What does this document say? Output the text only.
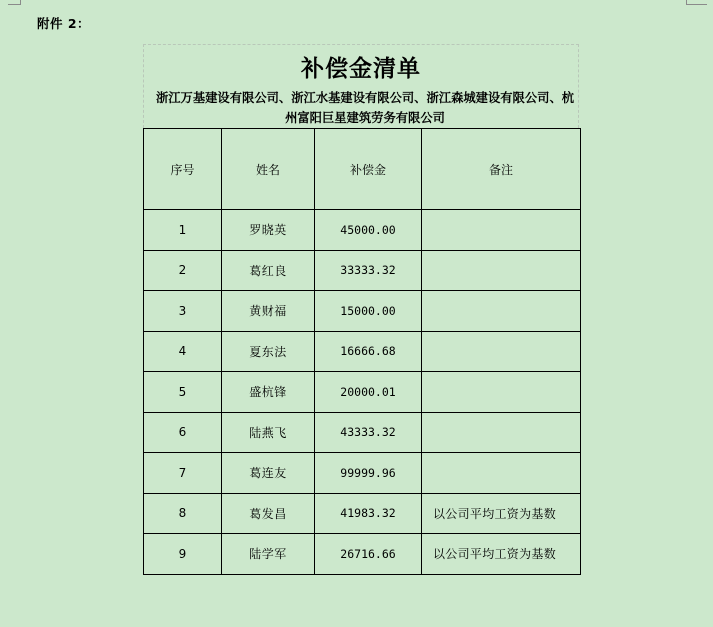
附件 2：
补偿金清单
浙江万基建设有限公司、浙江水基建设有限公司、浙江森城建设有限公司、杭州富阳巨星建筑劳务有限公司
序号	姓名	补偿金	备注
1	罗晓英	45000.00	
2	葛红良	33333.32	
3	黄财福	15000.00	
4	夏东法	16666.68	
5	盛杭锋	20000.01	
6	陆燕飞	43333.32	
7	葛连友	99999.96	
8	葛发昌	41983.32	以公司平均工资为基数
9	陆学军	26716.66	以公司平均工资为基数
